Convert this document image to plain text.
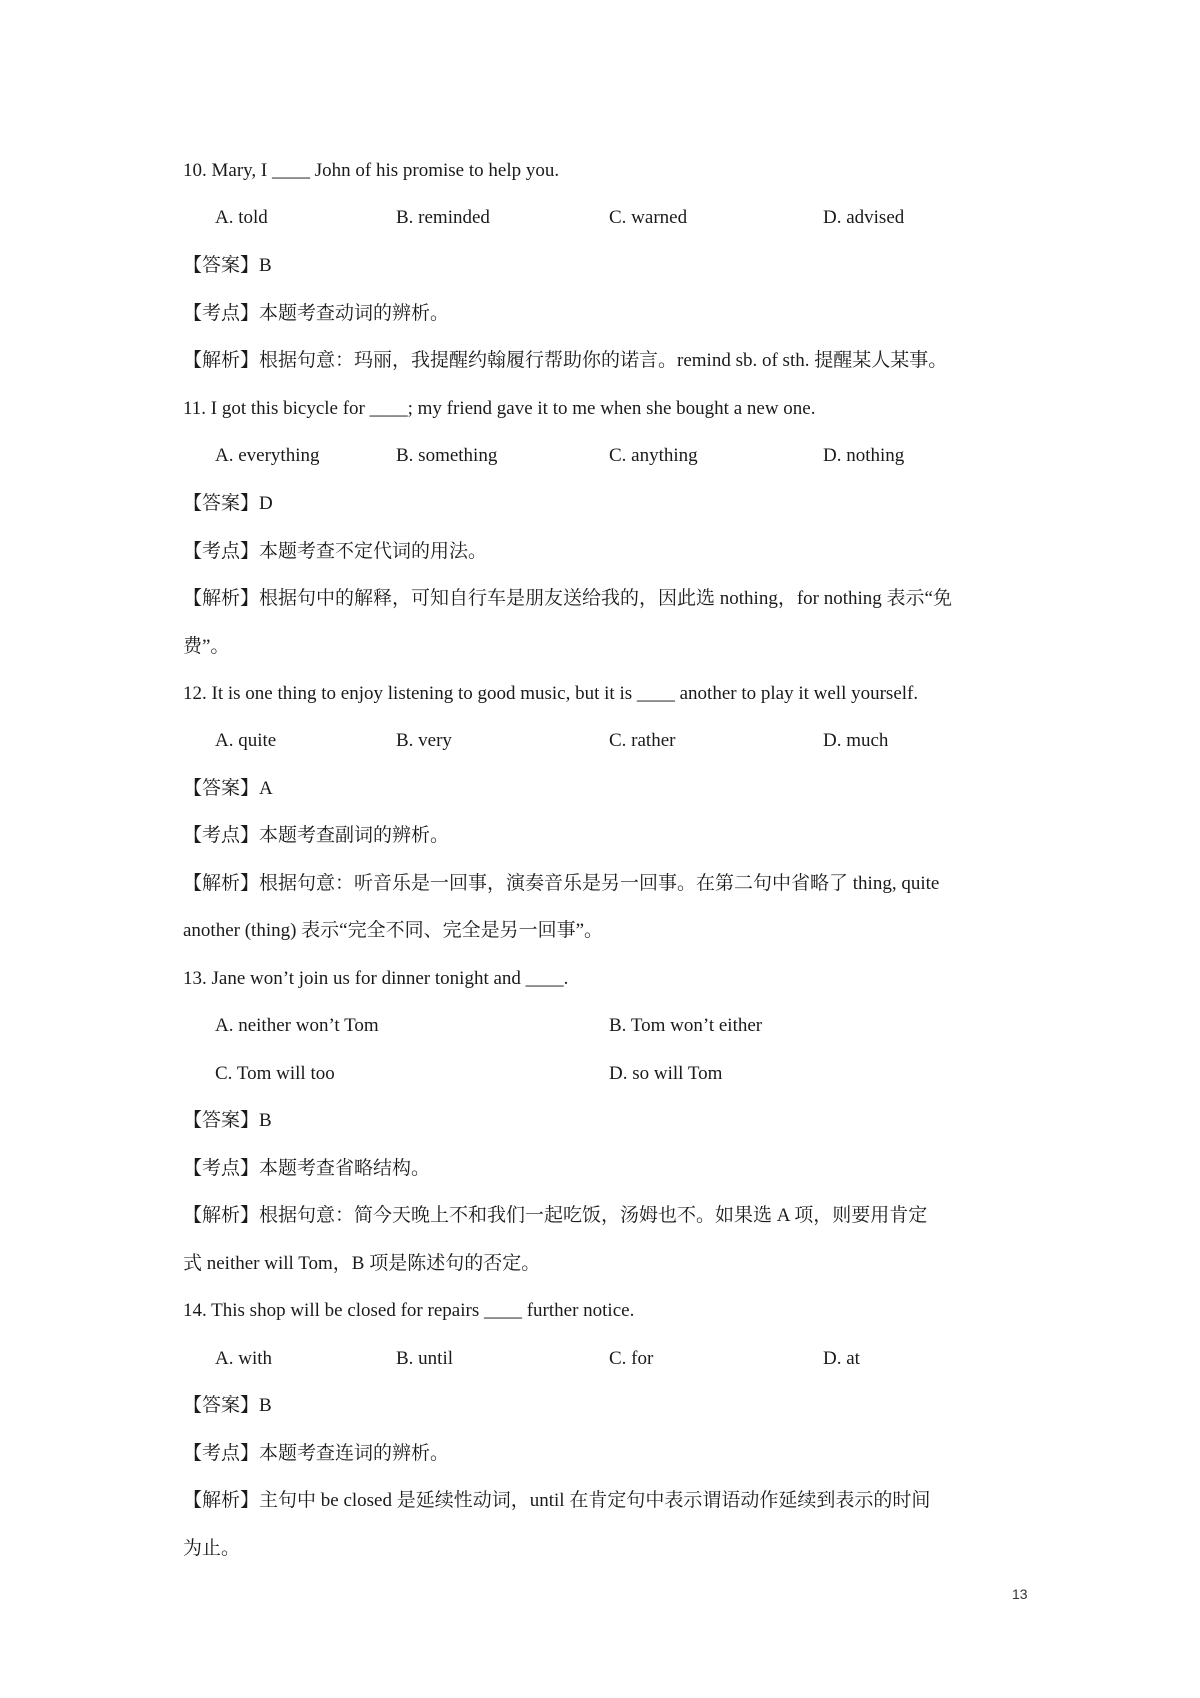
10. Mary, I ____ John of his promise to help you.
A. told	B. reminded	C. warned	D. advised
【答案】B
【考点】本题考查动词的辨析。
【解析】根据句意：玛丽，我提醒约翰履行帮助你的诺言。remind sb. of sth. 提醒某人某事。
11. I got this bicycle for ____; my friend gave it to me when she bought a new one.
A. everything	B. something	C. anything	D. nothing
【答案】D
【考点】本题考查不定代词的用法。
【解析】根据句中的解释，可知自行车是朋友送给我的，因此选 nothing，for nothing 表示“免
费”。
12. It is one thing to enjoy listening to good music, but it is ____ another to play it well yourself.
A. quite	B. very	C. rather	D. much
【答案】A
【考点】本题考查副词的辨析。
【解析】根据句意：听音乐是一回事，演奏音乐是另一回事。在第二句中省略了 thing, quite
another (thing) 表示“完全不同、完全是另一回事”。
13. Jane won’t join us for dinner tonight and ____.
A. neither won’t Tom	B. Tom won’t either
C. Tom will too	D. so will Tom
【答案】B
【考点】本题考查省略结构。
【解析】根据句意：简今天晚上不和我们一起吃饭，汤姆也不。如果选 A 项，则要用肯定
式 neither will Tom，B 项是陈述句的否定。
14. This shop will be closed for repairs ____ further notice.
A. with	B. until	C. for	D. at
【答案】B
【考点】本题考查连词的辨析。
【解析】主句中 be closed 是延续性动词，until 在肯定句中表示谓语动作延续到表示的时间
为止。
13
